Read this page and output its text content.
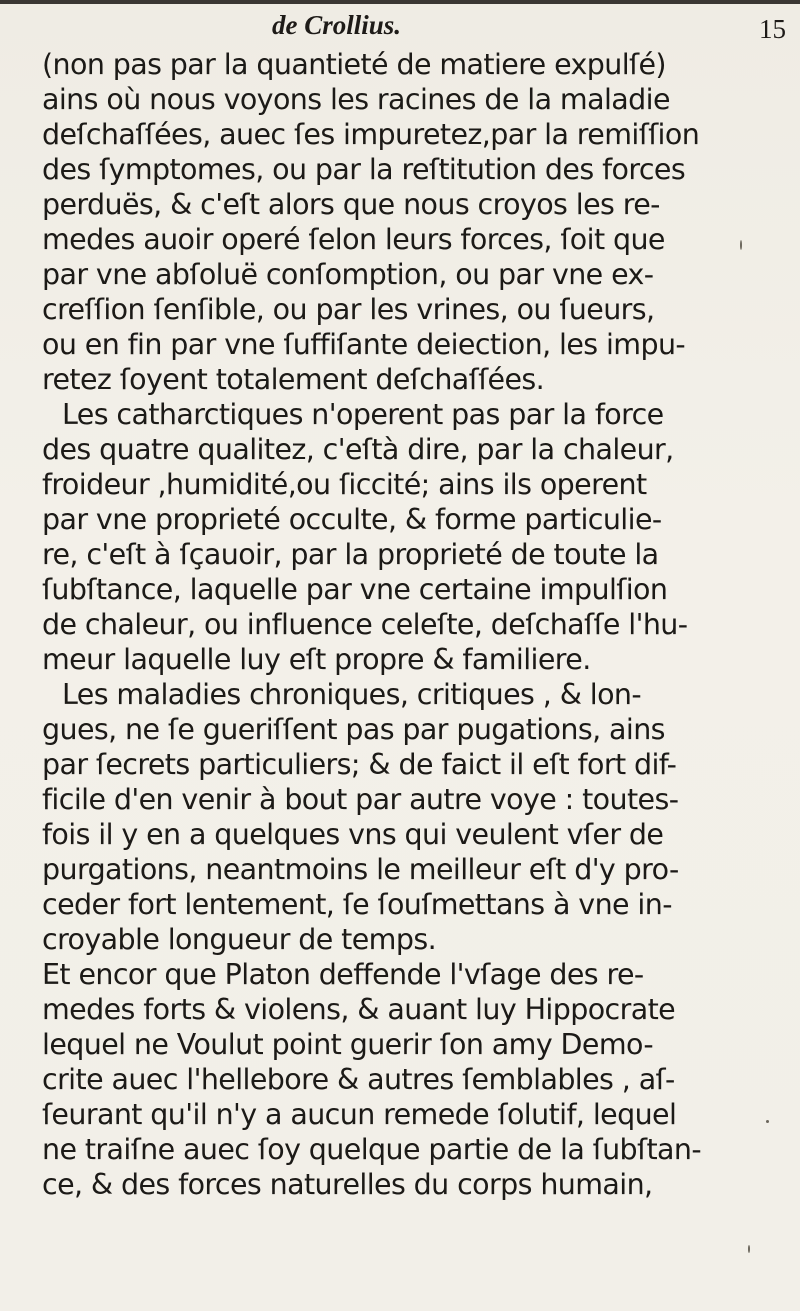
de Crollius.	15
(non pas par la quantieté de matiere expulſé)
ains où nous voyons les racines de la maladie
deſchaſſées, auec ſes impuretez,par la remiſſion
des ſymptomes, ou par la reſtitution des forces
perduës, & c'eſt alors que nous croyos les re-
medes auoir operé ſelon leurs forces, ſoit que
par vne abſoluë conſomption, ou par vne ex-
creſſion ſenſible, ou par les vrines, ou ſueurs,
ou en fin par vne ſuffiſante deiection, les impu-
retez ſoyent totalement deſchaſſées.
Les catharctiques n'operent pas par la force
des quatre qualitez, c'eſtà dire, par la chaleur,
froideur ,humidité,ou ſiccité; ains ils operent
par vne proprieté occulte, & forme particulie-
re, c'eſt à ſçauoir, par la proprieté de toute la
ſubſtance, laquelle par vne certaine impulſion
de chaleur, ou influence celeſte, deſchaſſe l'hu-
meur laquelle luy eſt propre & familiere.
Les maladies chroniques, critiques , & lon-
gues, ne ſe gueriſſent pas par pugations, ains
par ſecrets particuliers; & de faict il eſt fort dif-
ficile d'en venir à bout par autre voye : toutes-
fois il y en a quelques vns qui veulent vſer de
purgations, neantmoins le meilleur eſt d'y pro-
ceder fort lentement, ſe ſouſmettans à vne in-
croyable longueur de temps.
Et encor que Platon deffende l'vſage des re-
medes forts & violens, & auant luy Hippocrate
lequel ne Voulut point guerir ſon amy Demo-
crite auec l'hellebore & autres ſemblables , aſ-
ſeurant qu'il n'y a aucun remede ſolutif, lequel
ne traiſne auec ſoy quelque partie de la ſubſtan-
ce, & des forces naturelles du corps humain,
